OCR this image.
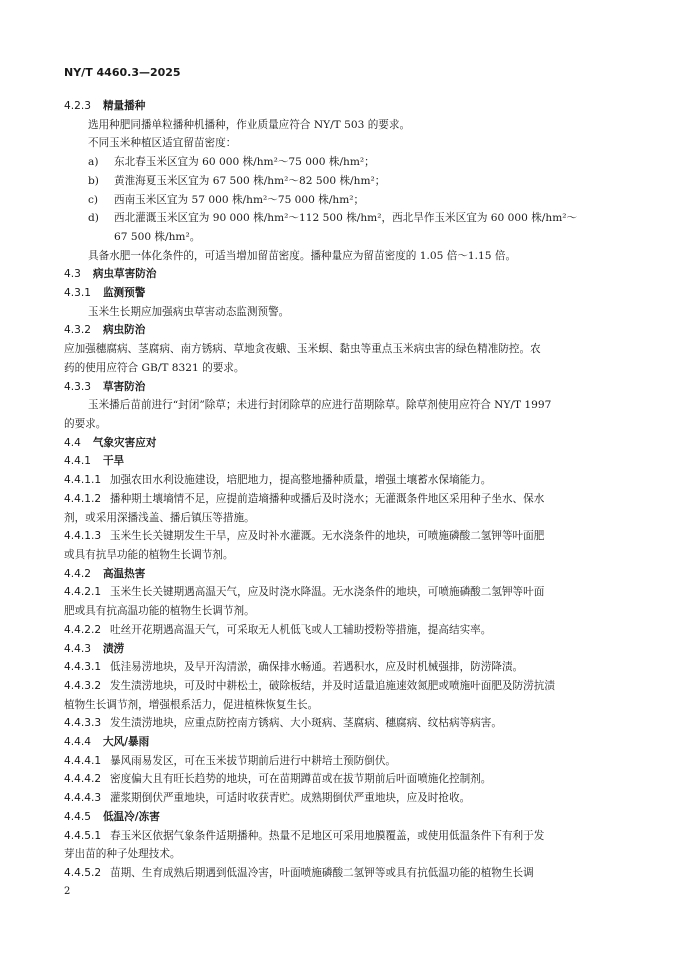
NY/T 4460.3—2025
4.2.3 精量播种
选用种肥同播单粒播种机播种，作业质量应符合 NY/T 503 的要求。
不同玉米种植区适宜留苗密度：
a) 东北春玉米区宜为 60 000 株/hm²～75 000 株/hm²；
b) 黄淮海夏玉米区宜为 67 500 株/hm²～82 500 株/hm²；
c) 西南玉米区宜为 57 000 株/hm²～75 000 株/hm²；
d) 西北灌溉玉米区宜为 90 000 株/hm²～112 500 株/hm²，西北旱作玉米区宜为 60 000 株/hm²～
67 500 株/hm²。
具备水肥一体化条件的，可适当增加留苗密度。播种量应为留苗密度的 1.05 倍～1.15 倍。
4.3 病虫草害防治
4.3.1 监测预警
玉米生长期应加强病虫草害动态监测预警。
4.3.2 病虫防治
应加强穗腐病、茎腐病、南方锈病、草地贪夜蛾、玉米螟、黏虫等重点玉米病虫害的绿色精准防控。农
药的使用应符合 GB/T 8321 的要求。
4.3.3 草害防治
玉米播后苗前进行“封闭”除草；未进行封闭除草的应进行苗期除草。除草剂使用应符合 NY/T 1997
的要求。
4.4 气象灾害应对
4.4.1 干旱
4.4.1.1 加强农田水利设施建设，培肥地力，提高整地播种质量，增强土壤蓄水保墒能力。
4.4.1.2 播种期土壤墒情不足，应提前造墒播种或播后及时浇水；无灌溉条件地区采用种子坐水、保水
剂，或采用深播浅盖、播后镇压等措施。
4.4.1.3 玉米生长关键期发生干旱，应及时补水灌溉。无水浇条件的地块，可喷施磷酸二氢钾等叶面肥
或具有抗旱功能的植物生长调节剂。
4.4.2 高温热害
4.4.2.1 玉米生长关键期遇高温天气，应及时浇水降温。无水浇条件的地块，可喷施磷酸二氢钾等叶面
肥或具有抗高温功能的植物生长调节剂。
4.4.2.2 吐丝开花期遇高温天气，可采取无人机低飞或人工辅助授粉等措施，提高结实率。
4.4.3 渍涝
4.4.3.1 低洼易涝地块，及早开沟清淤，确保排水畅通。若遇积水，应及时机械强排，防涝降渍。
4.4.3.2 发生渍涝地块，可及时中耕松土，破除板结，并及时适量追施速效氮肥或喷施叶面肥及防涝抗渍
植物生长调节剂，增强根系活力，促进植株恢复生长。
4.4.3.3 发生渍涝地块，应重点防控南方锈病、大小斑病、茎腐病、穗腐病、纹枯病等病害。
4.4.4 大风/暴雨
4.4.4.1 暴风雨易发区，可在玉米拔节期前后进行中耕培土预防倒伏。
4.4.4.2 密度偏大且有旺长趋势的地块，可在苗期蹲苗或在拔节期前后叶面喷施化控制剂。
4.4.4.3 灌浆期倒伏严重地块，可适时收获青贮。成熟期倒伏严重地块，应及时抢收。
4.4.5 低温冷/冻害
4.4.5.1 春玉米区依据气象条件适期播种。热量不足地区可采用地膜覆盖，或使用低温条件下有利于发
芽出苗的种子处理技术。
4.4.5.2 苗期、生育成熟后期遇到低温冷害，叶面喷施磷酸二氢钾等或具有抗低温功能的植物生长调
2
